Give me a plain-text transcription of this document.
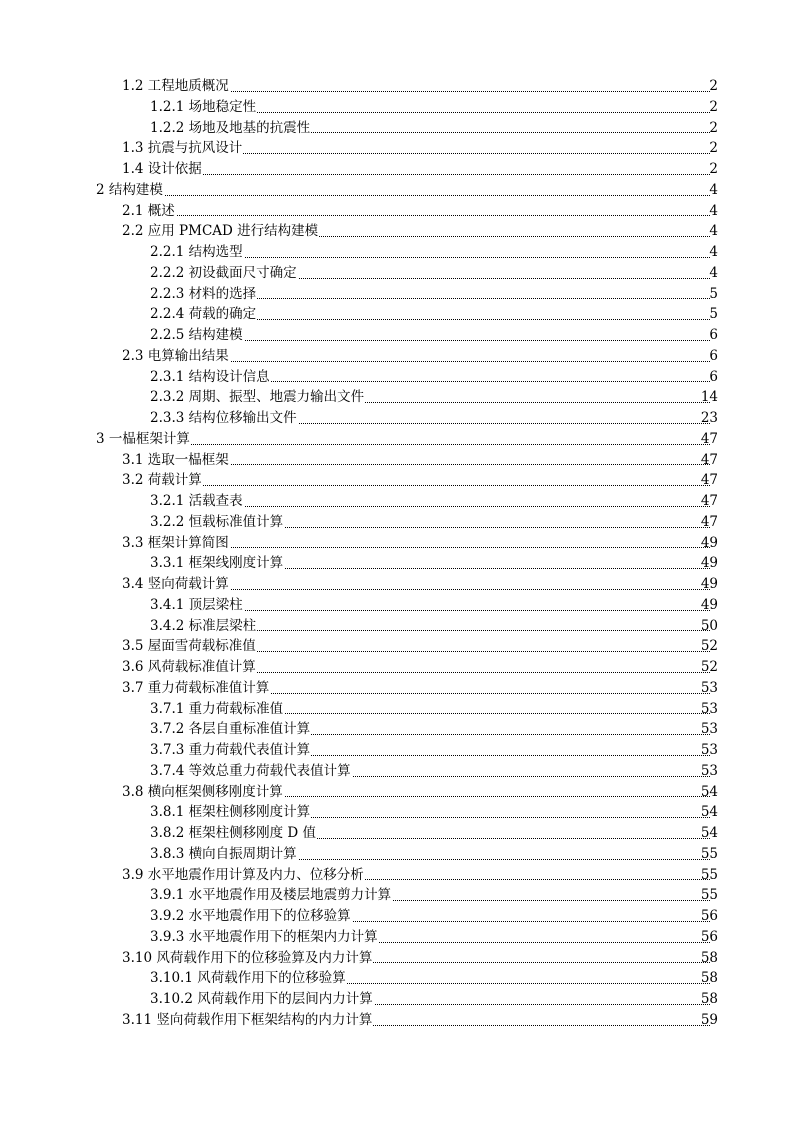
1.2 工程地质概况	2
1.2.1 场地稳定性	2
1.2.2 场地及地基的抗震性	2
1.3 抗震与抗风设计	2
1.4 设计依据	2
2 结构建模	4
2.1 概述	4
2.2 应用 PMCAD 进行结构建模	4
2.2.1 结构选型	4
2.2.2 初设截面尺寸确定	4
2.2.3 材料的选择	5
2.2.4 荷载的确定	5
2.2.5 结构建模	6
2.3 电算输出结果	6
2.3.1 结构设计信息	6
2.3.2 周期、振型、地震力输出文件	14
2.3.3 结构位移输出文件	23
3 一榀框架计算	47
3.1 选取一榀框架	47
3.2 荷载计算	47
3.2.1 活载查表	47
3.2.2 恒载标准值计算	47
3.3 框架计算简图	49
3.3.1 框架线刚度计算	49
3.4 竖向荷载计算	49
3.4.1 顶层梁柱	49
3.4.2 标准层梁柱	50
3.5 屋面雪荷载标准值	52
3.6 风荷载标准值计算	52
3.7 重力荷载标准值计算	53
3.7.1 重力荷载标准值	53
3.7.2 各层自重标准值计算	53
3.7.3 重力荷载代表值计算	53
3.7.4 等效总重力荷载代表值计算	53
3.8 横向框架侧移刚度计算	54
3.8.1 框架柱侧移刚度计算	54
3.8.2 框架柱侧移刚度 D 值	54
3.8.3 横向自振周期计算	55
3.9 水平地震作用计算及内力、位移分析	55
3.9.1 水平地震作用及楼层地震剪力计算	55
3.9.2 水平地震作用下的位移验算	56
3.9.3 水平地震作用下的框架内力计算	56
3.10 风荷载作用下的位移验算及内力计算	58
3.10.1 风荷载作用下的位移验算	58
3.10.2 风荷载作用下的层间内力计算	58
3.11 竖向荷载作用下框架结构的内力计算	59
